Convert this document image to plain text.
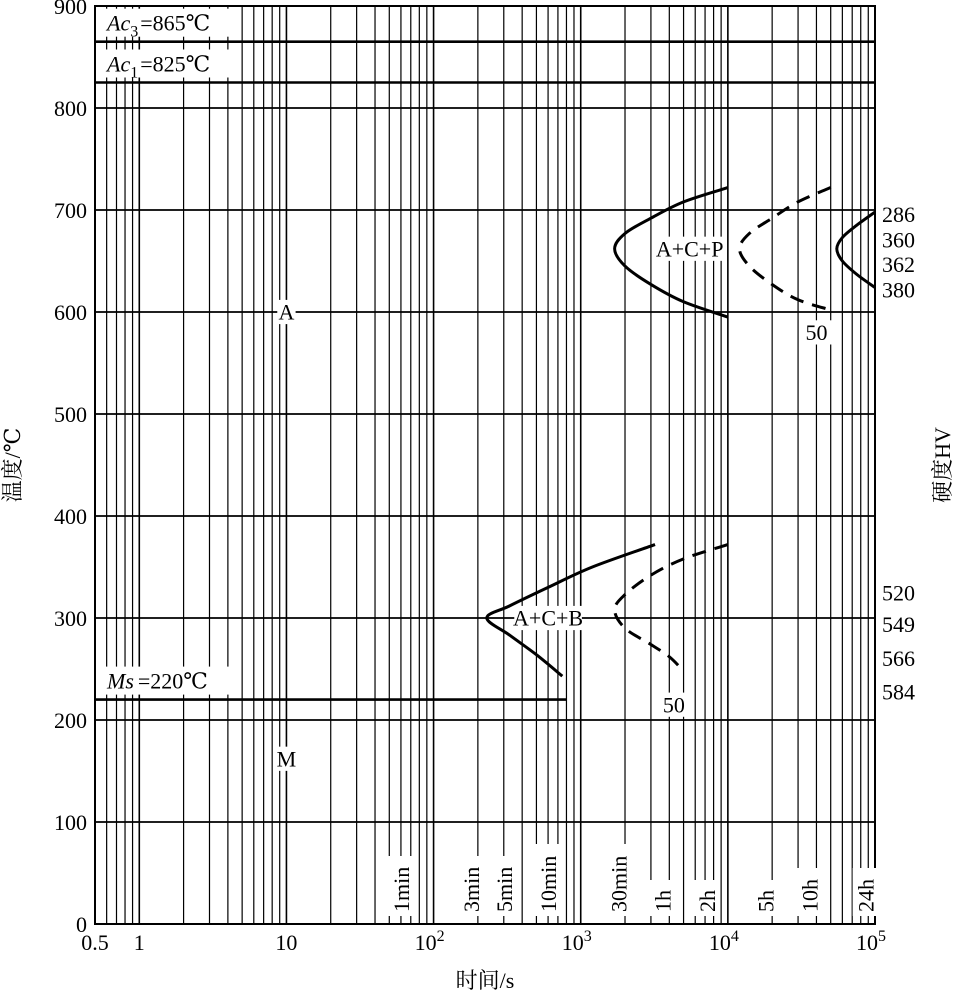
0
100
200
300
400
500
600
700
800
900
$Ac_3=865℃$
$Ac_1=825℃$
Ms =220℃
A
M
A+C+P
A+C+B
50
50
1min 3min 5min 10min 30min 1h 2h 5h 10h 24h
0.5 1	10	$10^2$	$10^3$	$10^4$	$10^5$
286
360
362
380
520
549
566
584
温度/℃	硬度HV
时间/s
